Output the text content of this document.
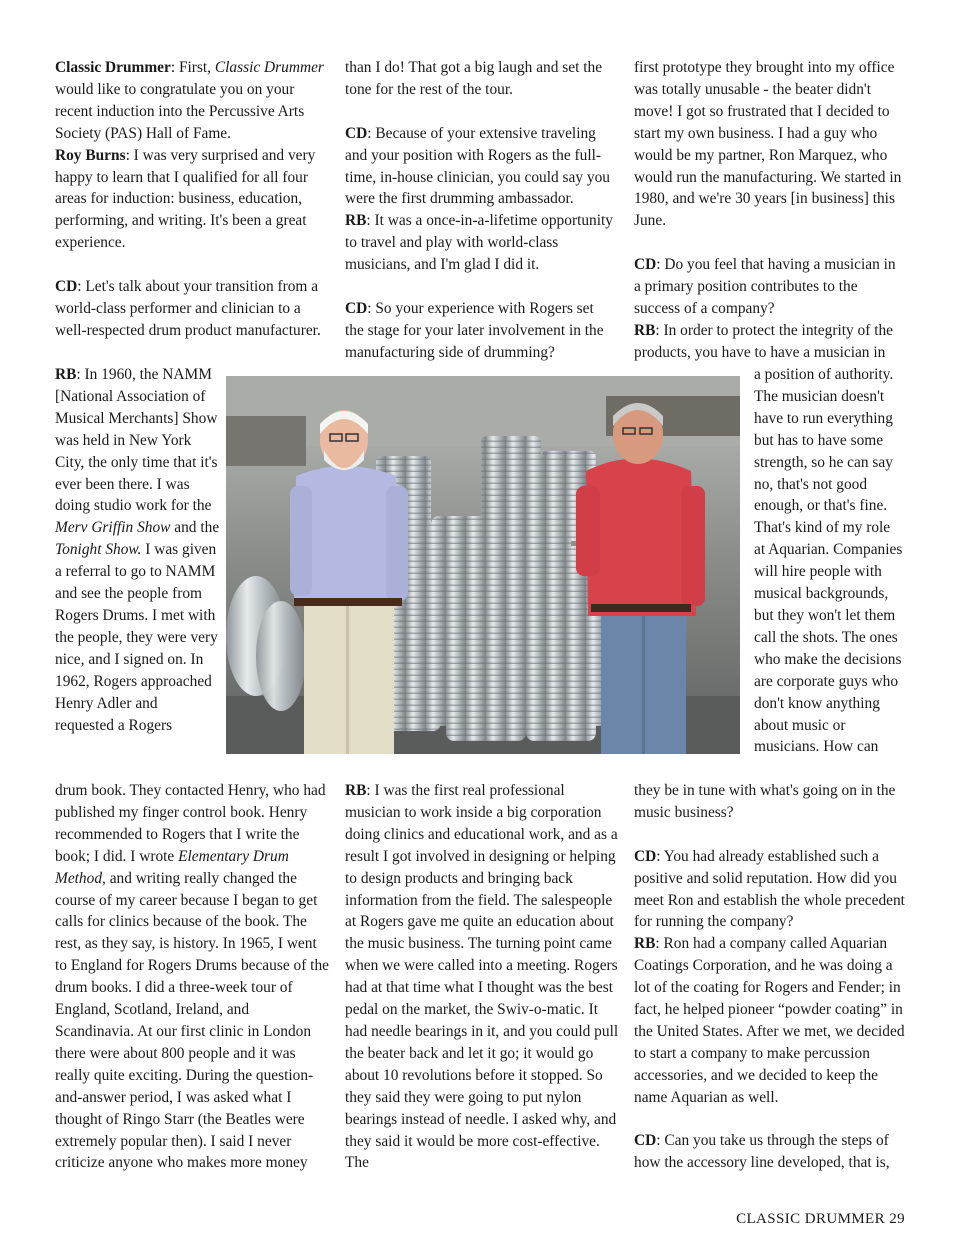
Classic Drummer: First, Classic Drummer would like to congratulate you on your recent induction into the Percussive Arts Society (PAS) Hall of Fame.

Roy Burns: I was very surprised and very happy to learn that I qualified for all four areas for induction: business, education, performing, and writing. It's been a great experience.

CD: Let's talk about your transition from a world-class performer and clinician to a well-respected drum product manufacturer.

RB: In 1960, the NAMM [National Association of Musical Merchants] Show was held in New York City, the only time that it's ever been there. I was doing studio work for the Merv Griffin Show and the Tonight Show. I was given a referral to go to NAMM and see the people from Rogers Drums. I met with the people, they were very nice, and I signed on. In 1962, Rogers approached Henry Adler and requested a Rogers

drum book. They contacted Henry, who had published my finger control book. Henry recommended to Rogers that I write the book; I did. I wrote Elementary Drum Method, and writing really changed the course of my career because I began to get calls for clinics because of the book. The rest, as they say, is history. In 1965, I went to England for Rogers Drums because of the drum books. I did a three-week tour of England, Scotland, Ireland, and Scandinavia. At our first clinic in London there were about 800 people and it was really quite exciting. During the question-and-answer period, I was asked what I thought of Ringo Starr (the Beatles were extremely popular then). I said I never criticize anyone who makes more money

than I do! That got a big laugh and set the tone for the rest of the tour.

CD: Because of your extensive traveling and your position with Rogers as the full-time, in-house clinician, you could say you were the first drumming ambassador.

RB: It was a once-in-a-lifetime opportunity to travel and play with world-class musicians, and I'm glad I did it.

CD: So your experience with Rogers set the stage for your later involvement in the manufacturing side of drumming?

RB: I was the first real professional musician to work inside a big corporation doing clinics and educational work, and as a result I got involved in designing or helping to design products and bringing back information from the field. The salespeople at Rogers gave me quite an education about the music business. The turning point came when we were called into a meeting. Rogers had at that time what I thought was the best pedal on the market, the Swiv-o-matic. It had needle bearings in it, and you could pull the beater back and let it go; it would go about 10 revolutions before it stopped. So they said they were going to put nylon bearings instead of needle. I asked why, and they said it would be more cost-effective. The

first prototype they brought into my office was totally unusable - the beater didn't move! I got so frustrated that I decided to start my own business. I had a guy who would be my partner, Ron Marquez, who would run the manufacturing. We started in 1980, and we're 30 years [in business] this June.

CD: Do you feel that having a musician in a primary position contributes to the success of a company?

RB: In order to protect the integrity of the products, you have to have a musician in

a position of authority. The musician doesn't have to run everything but has to have some strength, so he can say no, that's not good enough, or that's fine. That's kind of my role at Aquarian. Companies will hire people with musical backgrounds, but they won't let them call the shots. The ones who make the decisions are corporate guys who don't know anything about music or musicians. How can

they be in tune with what's going on in the music business?

CD: You had already established such a positive and solid reputation. How did you meet Ron and establish the whole precedent for running the company?

RB: Ron had a company called Aquarian Coatings Corporation, and he was doing a lot of the coating for Rogers and Fender; in fact, he helped pioneer “powder coating” in the United States. After we met, we decided to start a company to make percussion accessories, and we decided to keep the name Aquarian as well.

CD: Can you take us through the steps of how the accessory line developed, that is,

CLASSIC DRUMMER 29
